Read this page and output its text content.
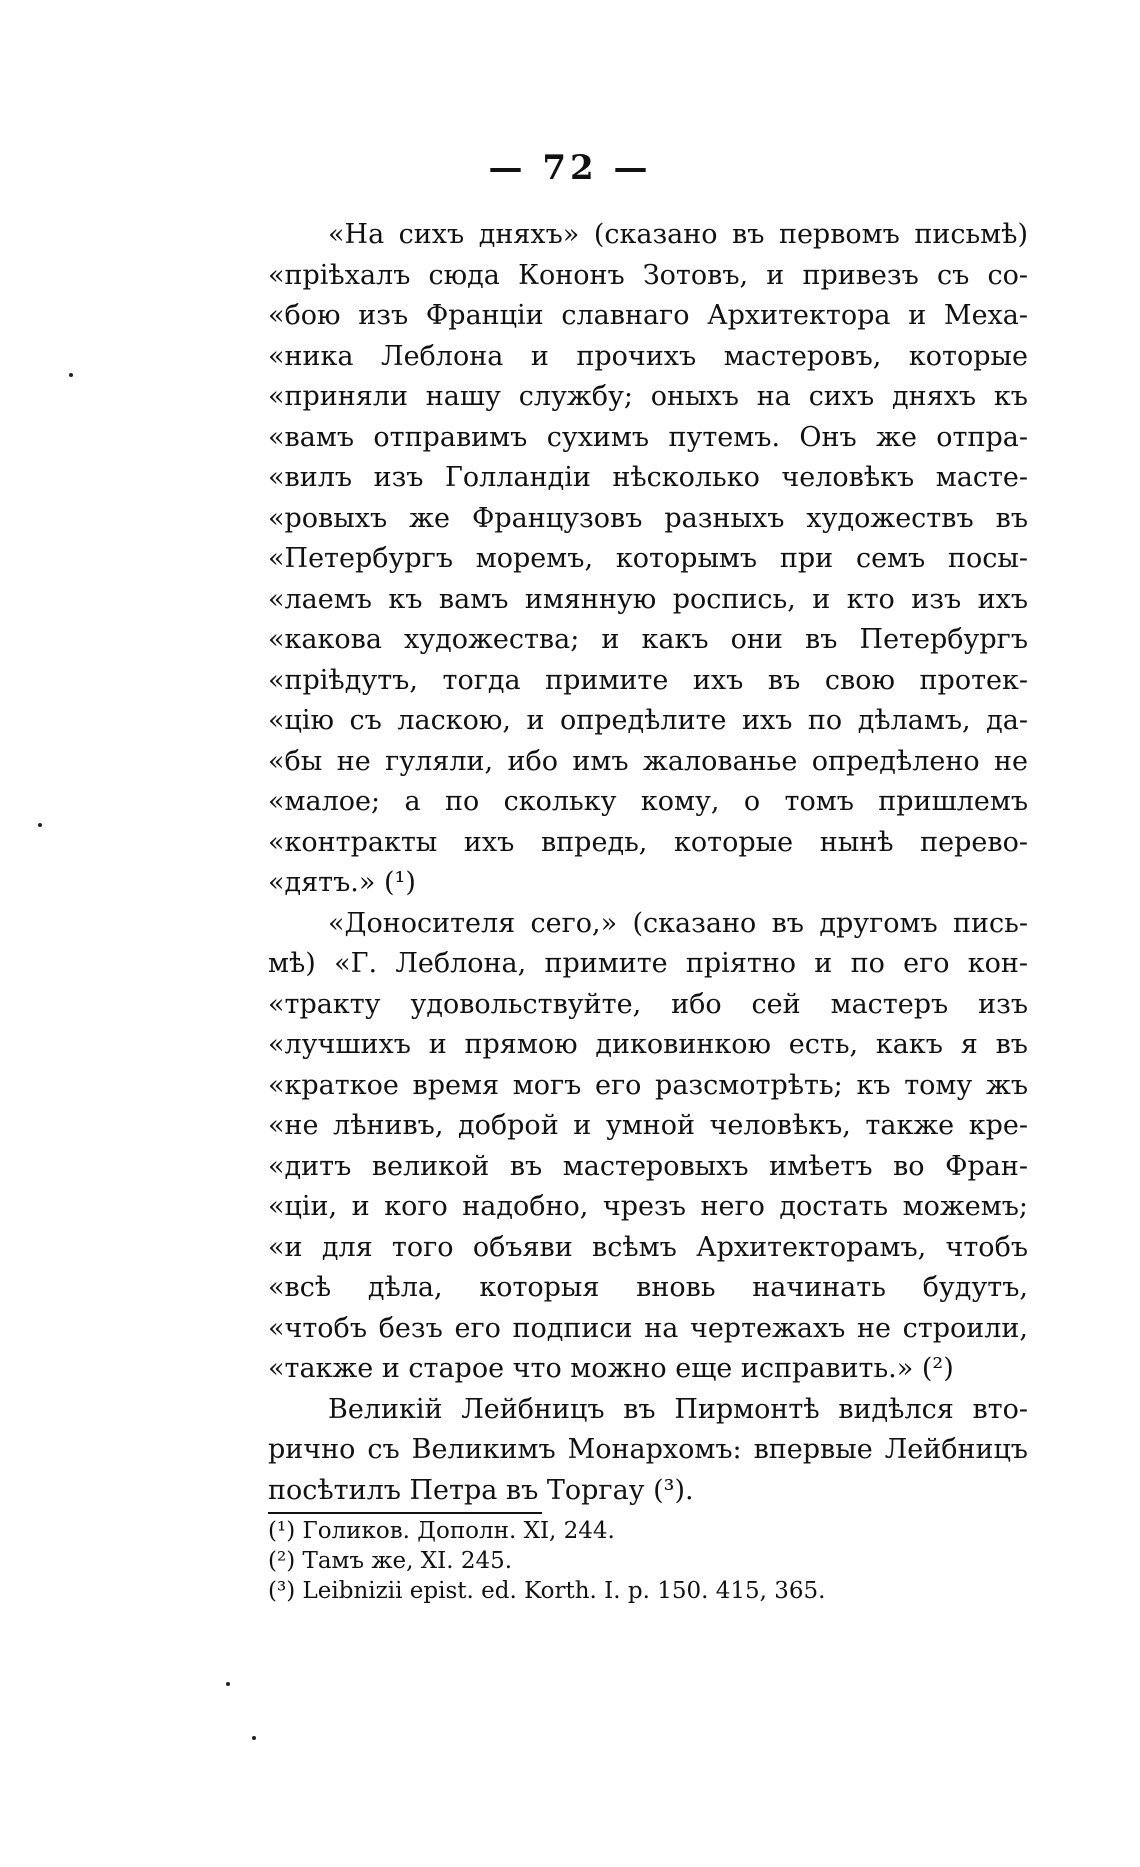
— 72 —
«На сихъ дняхъ» (сказано въ первомъ письмѣ)
«пріѣхалъ сюда Кононъ Зотовъ, и привезъ съ со-
«бою изъ Франціи славнаго Архитектора и Меха-
«ника Леблона и прочихъ мастеровъ, которые
«приняли нашу службу; оныхъ на сихъ дняхъ къ
«вамъ отправимъ сухимъ путемъ. Онъ же отпра-
«вилъ изъ Голландіи нѣсколько человѣкъ масте-
«ровыхъ же Французовъ разныхъ художествъ въ
«Петербургъ моремъ, которымъ при семъ посы-
«лаемъ къ вамъ имянную роспись, и кто изъ ихъ
«какова художества; и какъ они въ Петербургъ
«пріѣдутъ, тогда примите ихъ въ свою протек-
«цію съ ласкою, и опредѣлите ихъ по дѣламъ, да-
«бы не гуляли, ибо имъ жалованье опредѣлено не
«малое; а по скольку кому, о томъ пришлемъ
«контракты ихъ впредь, которые нынѣ перево-
«дятъ.» (¹)
«Доносителя сего,» (сказано въ другомъ пись-
мѣ) «Г. Леблона, примите пріятно и по его кон-
«тракту удовольствуйте, ибо сей мастеръ изъ
«лучшихъ и прямою диковинкою есть, какъ я въ
«краткое время могъ его разсмотрѣть; къ тому жъ
«не лѣнивъ, доброй и умной человѣкъ, также кре-
«дитъ великой въ мастеровыхъ имѣетъ во Фран-
«ціи, и кого надобно, чрезъ него достать можемъ;
«и для того объяви всѣмъ Архитекторамъ, чтобъ
«всѣ дѣла, которыя вновь начинать будутъ,
«чтобъ безъ его подписи на чертежахъ не строили,
«также и старое что можно еще исправить.» (²)
Великій Лейбницъ въ Пирмонтѣ видѣлся вто-
рично съ Великимъ Монархомъ: впервые Лейбницъ
посѣтилъ Петра въ Торгау (³).
(¹) Голиков. Дополн. XI, 244.
(²) Тамъ же, XI. 245.
(³) Leibnizii epist. ed. Korth. I. p. 150. 415, 365.
